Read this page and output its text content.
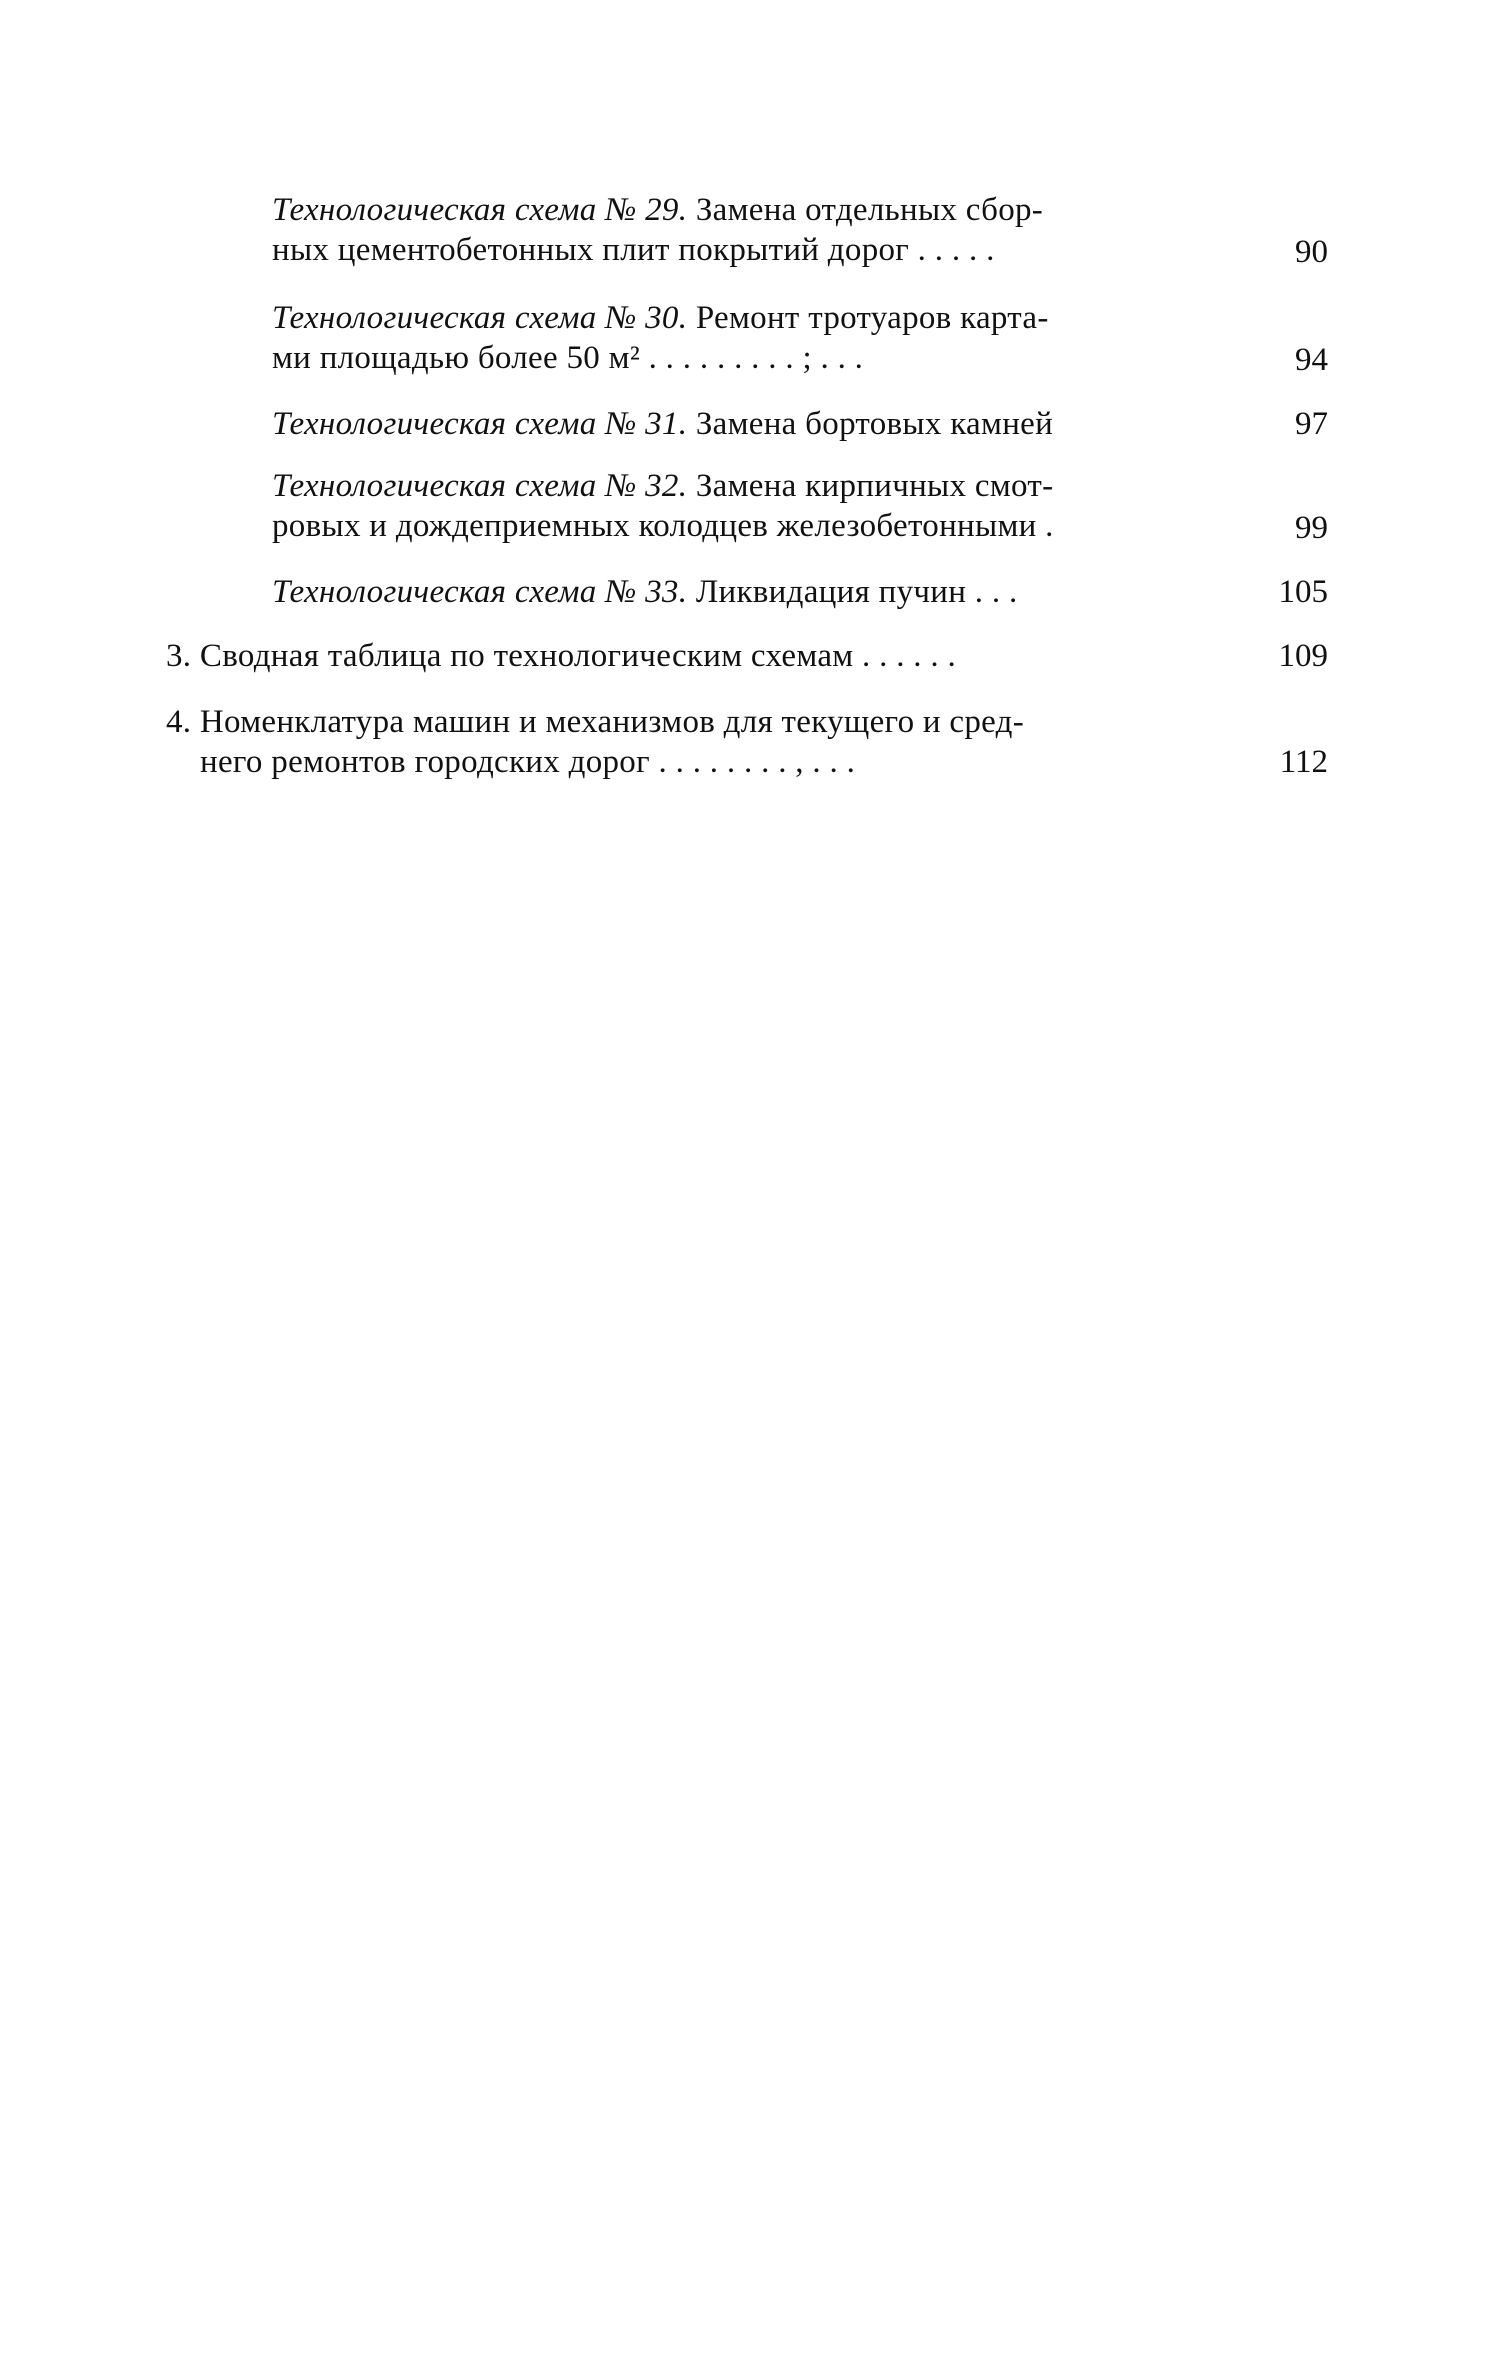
Технологическая схема № 29. Замена отдельных сбор-
ных цементобетонных плит покрытий дорог . . . . .	90
Технологическая схема № 30. Ремонт тротуаров карта-
ми площадью более 50 м² . . . . . . . . . ; . . .	94
Технологическая схема № 31. Замена бортовых камней	97
Технологическая схема № 32. Замена кирпичных смот-
ровых и дождеприемных колодцев железобетонными .	99
Технологическая схема № 33. Ликвидация пучин . . .	105
3. Сводная таблица по технологическим схемам . . . . . .	109
4. Номенклатура машин и механизмов для текущего и сред-
него ремонтов городских дорог . . . . . . . . , . . .	112
